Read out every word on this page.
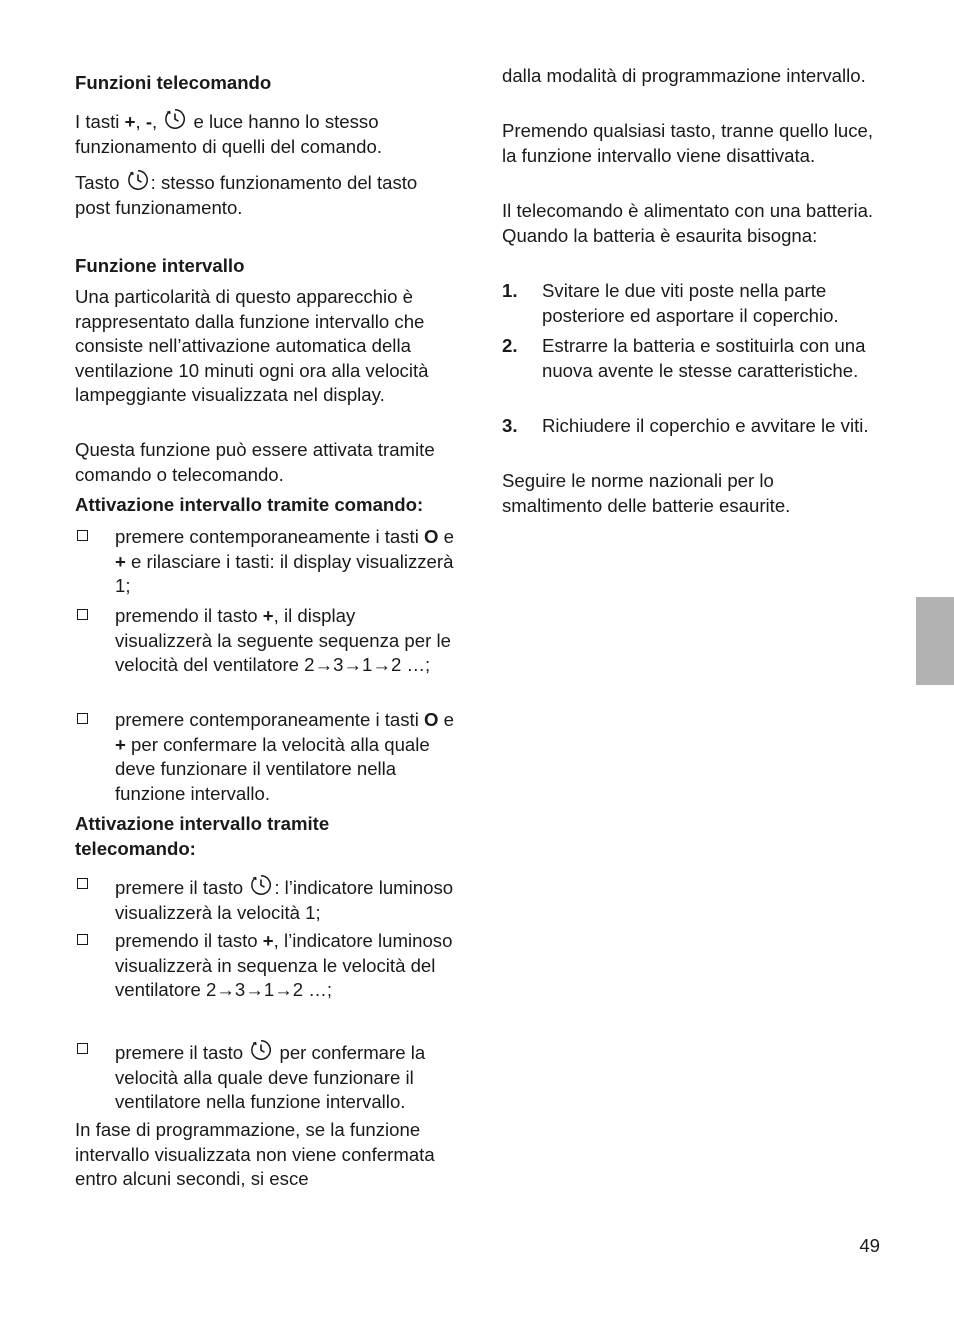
Funzioni telecomando

I tasti +, -,
e luce hanno lo stesso funzionamento di quelli del comando.

Tasto
: stesso funzionamento del tasto post funzionamento.

Funzione intervallo

Una particolarità di questo apparecchio è rappresentato dalla funzione intervallo che consiste nell’attivazione automatica della ventilazione 10 minuti ogni ora alla velocità lampeggiante visualizzata nel display.

Questa funzione può essere attivata tramite comando o telecomando.

Attivazione intervallo tramite comando:

premere contemporaneamente i tasti O e + e rilasciare i tasti: il display visualizzerà 1;

premendo il tasto +, il display visualizzerà la seguente sequenza per le velocità del ventilatore 2→3→1→2 …;

premere contemporaneamente i tasti O e + per confermare la velocità alla quale deve funzionare il ventilatore nella funzione intervallo.

Attivazione intervallo tramite telecomando:

premere il tasto
: l’indicatore luminoso visualizzerà la velocità 1;

premendo il tasto +, l’indicatore luminoso visualizzerà in sequenza le velocità del ventilatore 2→3→1→2 …;

premere il tasto
per confermare la velocità alla quale deve funzionare il ventilatore nella funzione intervallo.

In fase di programmazione, se la funzione intervallo visualizzata non viene confermata entro alcuni secondi, si esce

dalla modalità di programmazione intervallo.

Premendo qualsiasi tasto, tranne quello luce, la funzione intervallo viene disattivata.

Il telecomando è alimentato con una batteria. Quando la batteria è esaurita bisogna:

1. Svitare le due viti poste nella parte posteriore ed asportare il coperchio.

2. Estrarre la batteria e sostituirla con una nuova avente le stesse caratteristiche.

3. Richiudere il coperchio e avvitare le viti.

Seguire le norme nazionali per lo smaltimento delle batterie esaurite.

49
